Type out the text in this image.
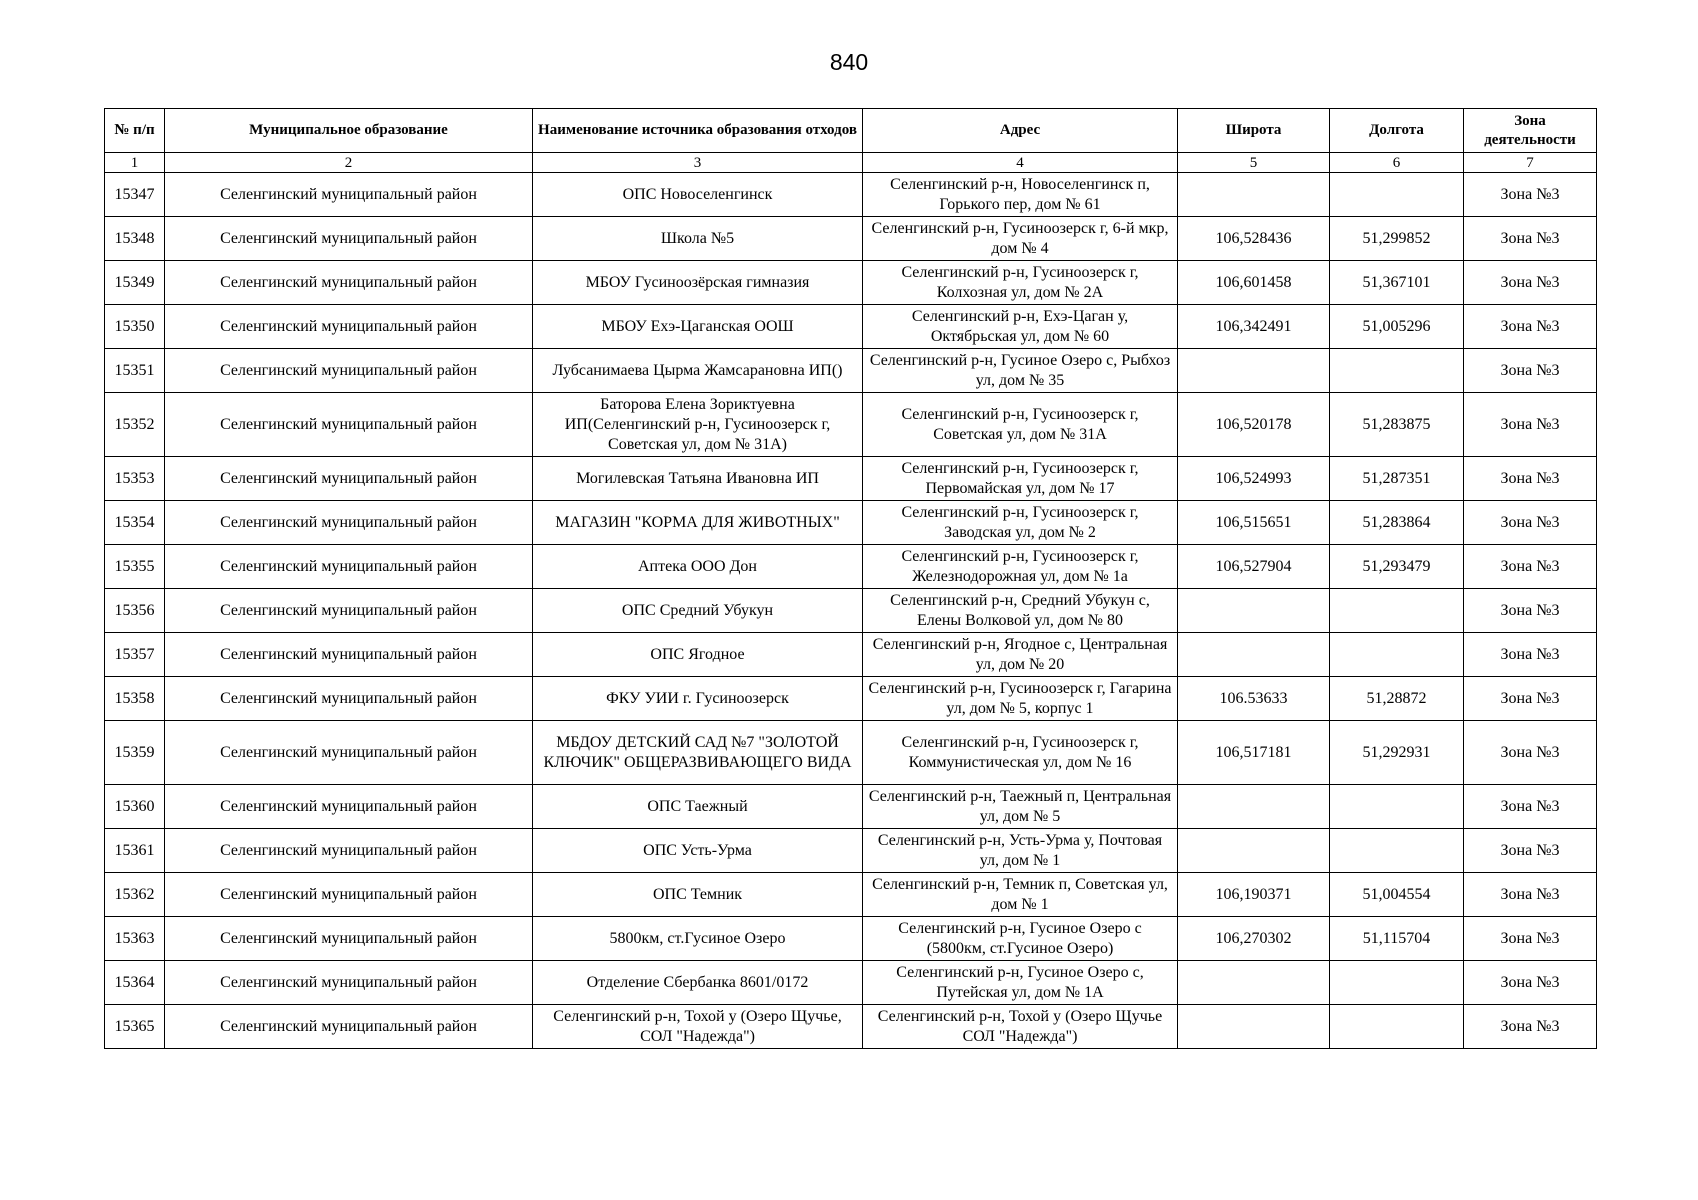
840
№ п/п	Муниципальное образование	Наименование источника образования отходов	Адрес	Широта	Долгота	Зона деятельности
1	2	3	4	5	6	7
15347	Селенгинский муниципальный район	ОПС Новоселенгинск	Селенгинский р-н, Новоселенгинск п, Горького пер, дом № 61			Зона №3
15348	Селенгинский муниципальный район	Школа №5	Селенгинский р-н, Гусиноозерск г, 6-й мкр, дом № 4	106,528436	51,299852	Зона №3
15349	Селенгинский муниципальный район	МБОУ Гусиноозёрская гимназия	Селенгинский р-н, Гусиноозерск г, Колхозная ул, дом № 2А	106,601458	51,367101	Зона №3
15350	Селенгинский муниципальный район	МБОУ Ехэ-Цаганская ООШ	Селенгинский р-н, Ехэ-Цаган у, Октябрьская ул, дом № 60	106,342491	51,005296	Зона №3
15351	Селенгинский муниципальный район	Лубсанимаева Цырма Жамсарановна ИП()	Селенгинский р-н, Гусиное Озеро с, Рыбхоз ул, дом № 35			Зона №3
15352	Селенгинский муниципальный район	Баторова Елена Зориктуевна ИП(Селенгинский р-н, Гусиноозерск г, Советская ул, дом № 31А)	Селенгинский р-н, Гусиноозерск г, Советская ул, дом № 31А	106,520178	51,283875	Зона №3
15353	Селенгинский муниципальный район	Могилевская Татьяна Ивановна ИП	Селенгинский р-н, Гусиноозерск г, Первомайская ул, дом № 17	106,524993	51,287351	Зона №3
15354	Селенгинский муниципальный район	МАГАЗИН "КОРМА ДЛЯ ЖИВОТНЫХ"	Селенгинский р-н, Гусиноозерск г, Заводская ул, дом № 2	106,515651	51,283864	Зона №3
15355	Селенгинский муниципальный район	Аптека ООО Дон	Селенгинский р-н, Гусиноозерск г, Железнодорожная ул, дом № 1а	106,527904	51,293479	Зона №3
15356	Селенгинский муниципальный район	ОПС Средний Убукун	Селенгинский р-н, Средний Убукун с, Елены Волковой ул, дом № 80			Зона №3
15357	Селенгинский муниципальный район	ОПС Ягодное	Селенгинский р-н, Ягодное с, Центральная ул, дом № 20			Зона №3
15358	Селенгинский муниципальный район	ФКУ УИИ г. Гусиноозерск	Селенгинский р-н, Гусиноозерск г, Гагарина ул, дом № 5, корпус 1	106.53633	51,28872	Зона №3
15359	Селенгинский муниципальный район	МБДОУ ДЕТСКИЙ САД №7 "ЗОЛОТОЙ КЛЮЧИК" ОБЩЕРАЗВИВАЮЩЕГО ВИДА	Селенгинский р-н, Гусиноозерск г, Коммунистическая ул, дом № 16	106,517181	51,292931	Зона №3
15360	Селенгинский муниципальный район	ОПС Таежный	Селенгинский р-н, Таежный п, Центральная ул, дом № 5			Зона №3
15361	Селенгинский муниципальный район	ОПС Усть-Урма	Селенгинский р-н, Усть-Урма у, Почтовая ул, дом № 1			Зона №3
15362	Селенгинский муниципальный район	ОПС Темник	Селенгинский р-н, Темник п, Советская ул, дом № 1	106,190371	51,004554	Зона №3
15363	Селенгинский муниципальный район	5800км, ст.Гусиное Озеро	Селенгинский р-н, Гусиное Озеро с (5800км, ст.Гусиное Озеро)	106,270302	51,115704	Зона №3
15364	Селенгинский муниципальный район	Отделение Сбербанка 8601/0172	Селенгинский р-н, Гусиное Озеро с, Путейская ул, дом № 1А			Зона №3
15365	Селенгинский муниципальный район	Селенгинский р-н, Тохой у (Озеро Щучье, СОЛ "Надежда")	Селенгинский р-н, Тохой у (Озеро Щучье СОЛ "Надежда")			Зона №3
